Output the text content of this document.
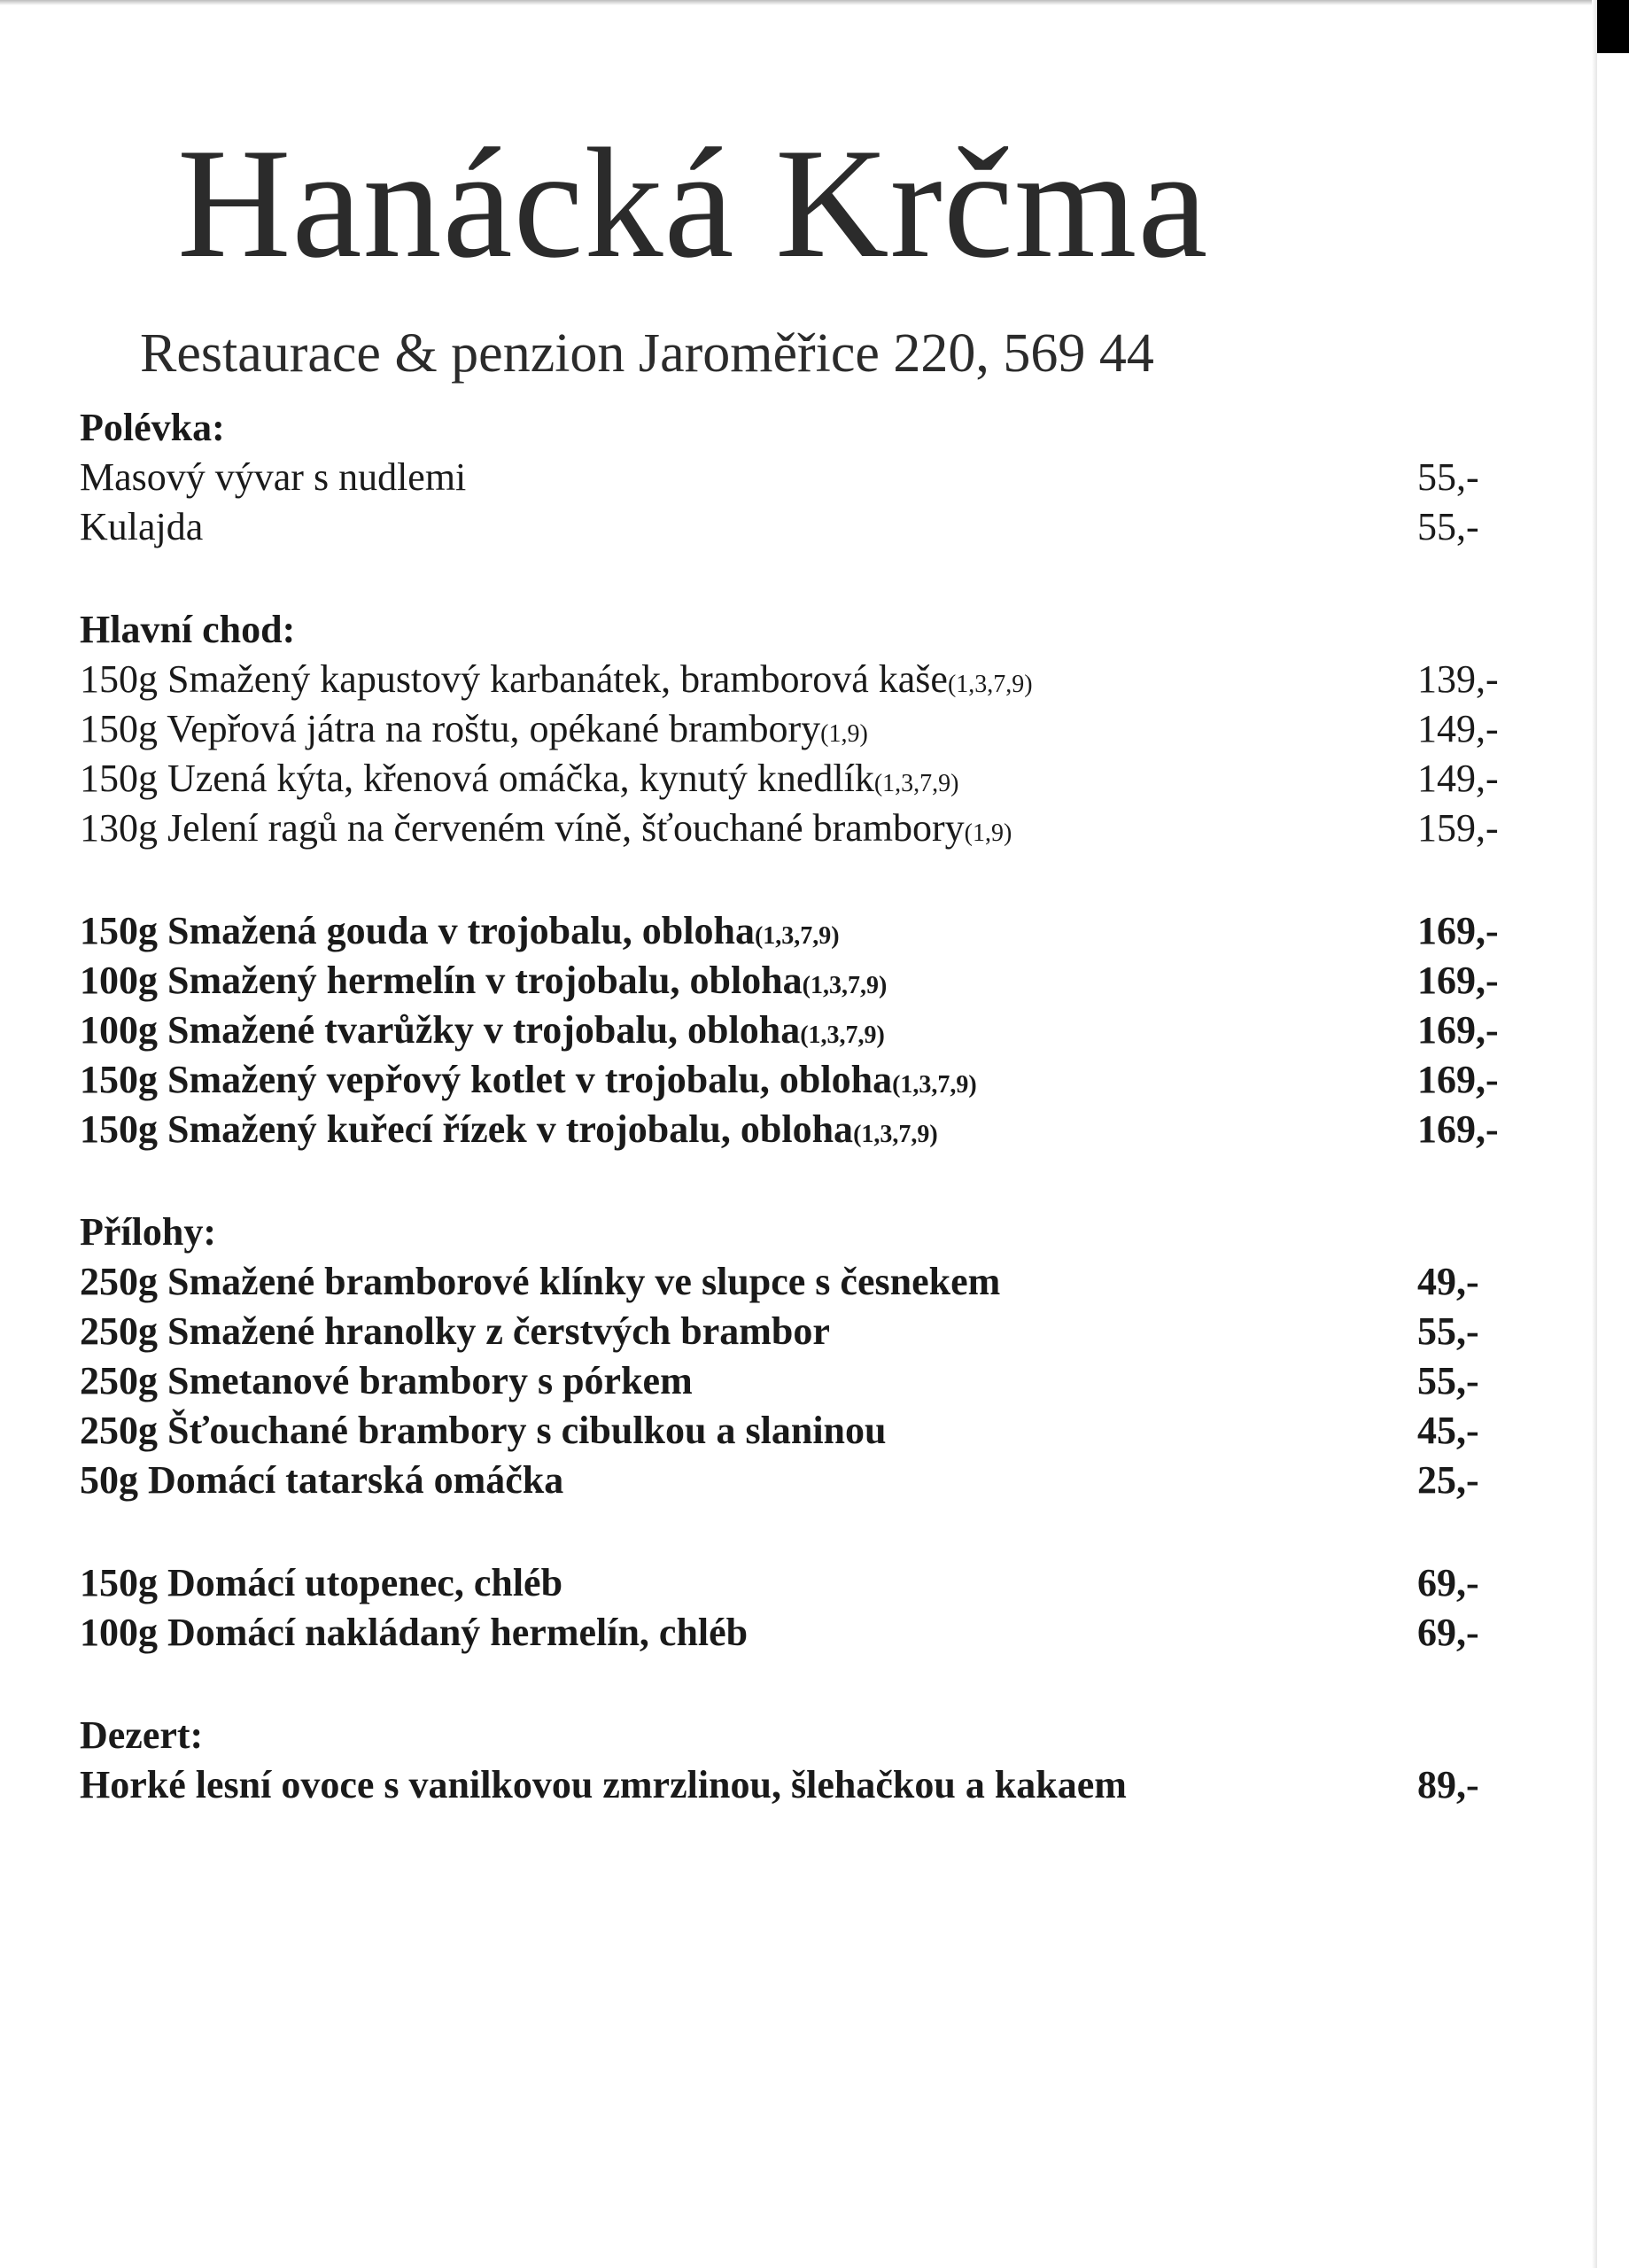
Hanácká Krčma
Restaurace & penzion Jaroměřice 220, 569 44
Polévka:
Masový vývar s nudlemi	55,-
Kulajda	55,-
Hlavní chod:
150g Smažený kapustový karbanátek, bramborová kaše(1,3,7,9)	139,-
150g Vepřová játra na roštu, opékané brambory(1,9)	149,-
150g Uzená kýta, křenová omáčka, kynutý knedlík(1,3,7,9)	149,-
130g Jelení ragů na červeném víně, šťouchané brambory(1,9)	159,-
150g Smažená gouda v trojobalu, obloha(1,3,7,9)	169,-
100g Smažený hermelín v trojobalu, obloha(1,3,7,9)	169,-
100g Smažené tvarůžky v trojobalu, obloha(1,3,7,9)	169,-
150g Smažený vepřový kotlet v trojobalu, obloha(1,3,7,9)	169,-
150g Smažený kuřecí řízek v trojobalu, obloha(1,3,7,9)	169,-
Přílohy:
250g Smažené bramborové klínky ve slupce s česnekem	49,-
250g Smažené hranolky z čerstvých brambor	55,-
250g Smetanové brambory s pórkem	55,-
250g Šťouchané brambory s cibulkou a slaninou	45,-
50g Domácí tatarská omáčka	25,-
150g Domácí utopenec, chléb	69,-
100g Domácí nakládaný hermelín, chléb	69,-
Dezert:
Horké lesní ovoce s vanilkovou zmrzlinou, šlehačkou a kakaem	89,-
